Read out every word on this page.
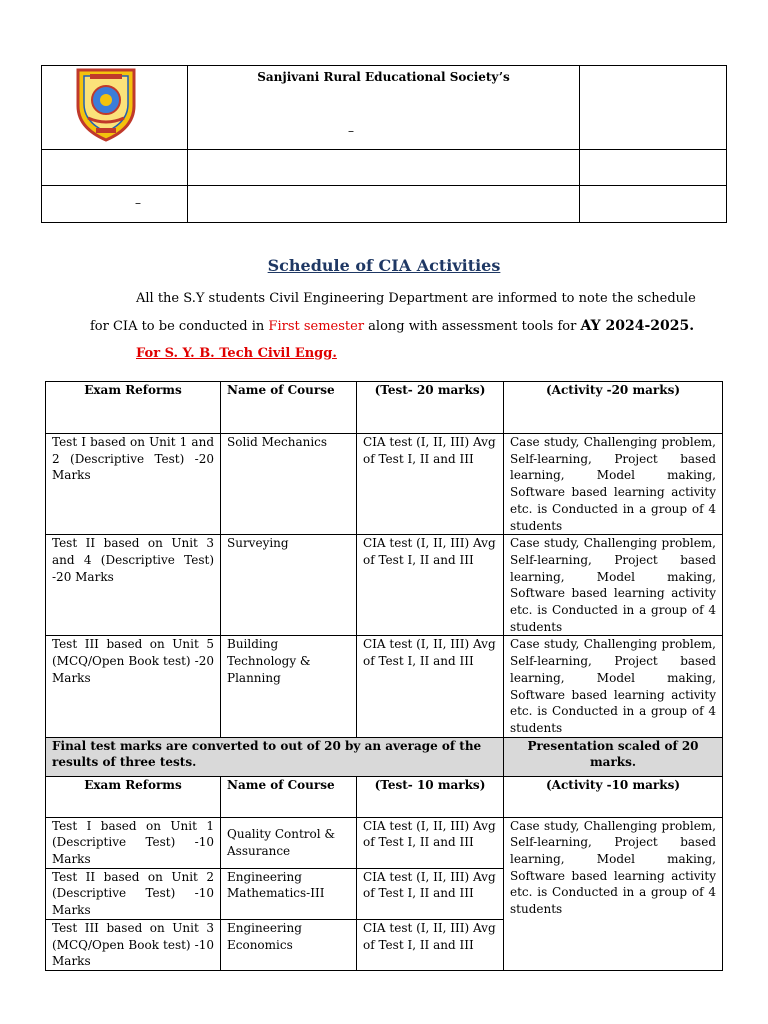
Sanjivani Rural Educational Society’s
–	

–		

Schedule of CIA Activities
All the S.Y students Civil Engineering Department are informed to note the schedule
for CIA to be conducted in First semester along with assessment tools for AY 2024-2025.
For S. Y. B. Tech Civil Engg.
Exam Reforms	Name of Course	(Test- 20 marks)	(Activity -20 marks)
Test I based on Unit 1 and 2 (Descriptive Test) -20 Marks	Solid Mechanics	CIA test (I, II, III) Avg of Test I, II and III	Case study, Challenging problem, Self-learning, Project based learning, Model making, Software based learning activity etc. is Conducted in a group of 4 students
Test II based on Unit 3 and 4 (Descriptive Test) -20 Marks	Surveying	CIA test (I, II, III) Avg of Test I, II and III	Case study, Challenging problem, Self-learning, Project based learning, Model making, Software based learning activity etc. is Conducted in a group of 4 students
Test III based on Unit 5 (MCQ/Open Book test) -20 Marks	Building Technology & Planning	CIA test (I, II, III) Avg of Test I, II and III	Case study, Challenging problem, Self-learning, Project based learning, Model making, Software based learning activity etc. is Conducted in a group of 4 students
Final test marks are converted to out of 20 by an average of the results of three tests.			Presentation scaled of 20 marks.
Exam Reforms	Name of Course	(Test- 10 marks)	(Activity -10 marks)
Test I based on Unit 1 (Descriptive Test) -10 Marks	Quality Control & Assurance	CIA test (I, II, III) Avg of Test I, II and III	Case study, Challenging problem, Self-learning, Project based learning, Model making, Software based learning activity etc. is Conducted in a group of 4 students
Test II based on Unit 2 (Descriptive Test) -10 Marks	Engineering Mathematics-III	CIA test (I, II, III) Avg of Test I, II and III	
Test III based on Unit 3 (MCQ/Open Book test) -10 Marks	Engineering Economics	CIA test (I, II, III) Avg of Test I, II and III	
